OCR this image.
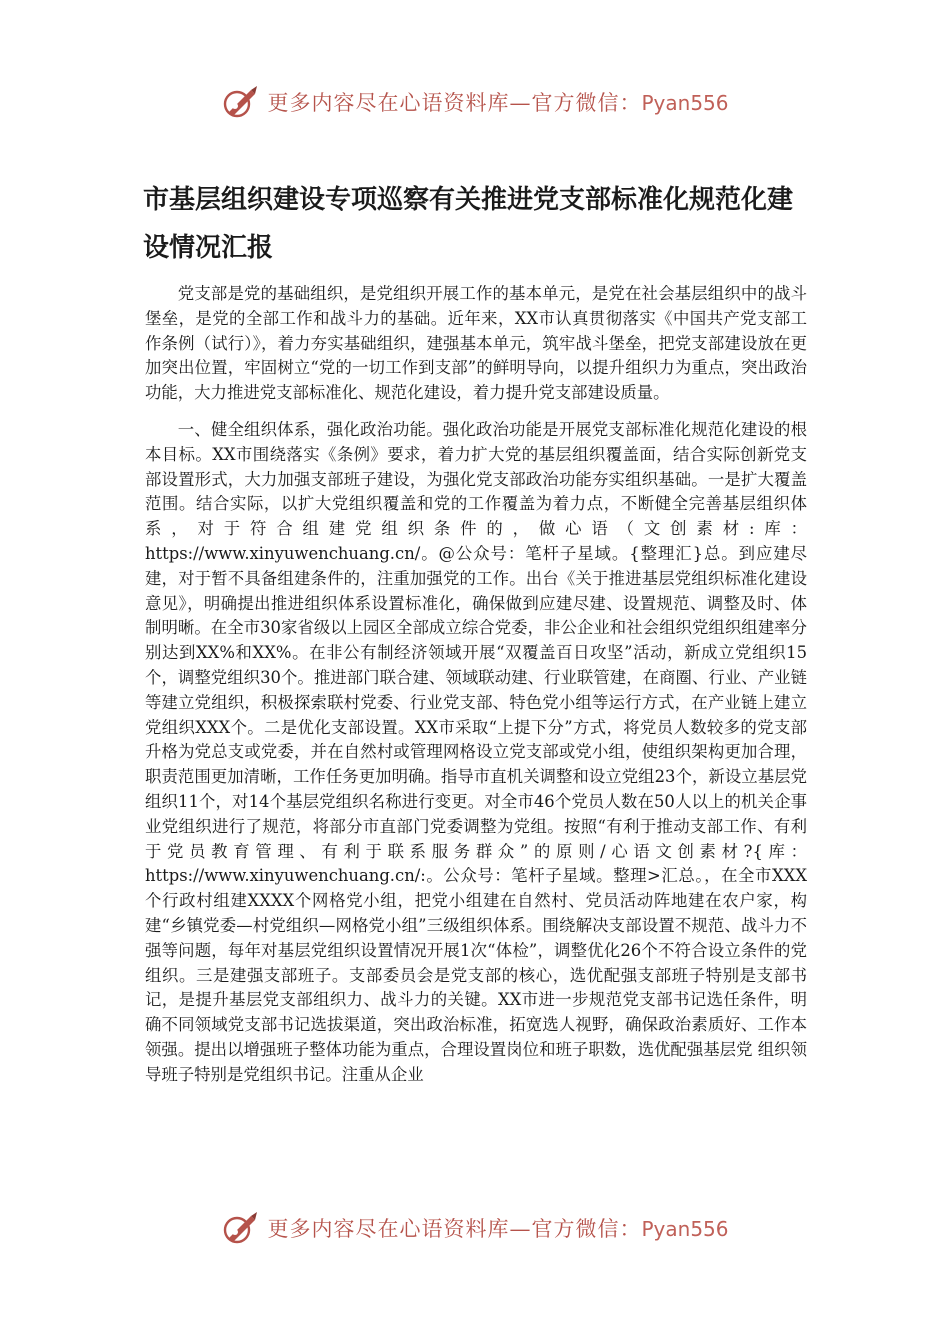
更多内容尽在心语资料库—官方微信：Pyan556
市基层组织建设专项巡察有关推进党支部标准化规范化建设情况汇报

党支部是党的基础组织，是党组织开展工作的基本单元，是党在社会基层组织中的战斗堡垒，是党的全部工作和战斗力的基础。近年来，XX市认真贯彻落实《中国共产党支部工作条例（试行）》，着力夯实基础组织，建强基本单元，筑牢战斗堡垒，把党支部建设放在更加突出位置，牢固树立“党的一切工作到支部”的鲜明导向，以提升组织力为重点，突出政治功能，大力推进党支部标准化、规范化建设，着力提升党支部建设质量。

一、健全组织体系，强化政治功能。强化政治功能是开展党支部标准化规范化建设的根本目标。XX市围绕落实《条例》要求，着力扩大党的基层组织覆盖面，结合实际创新党支部设置形式，大力加强支部班子建设，为强化党支部政治功能夯实组织基础。一是扩大覆盖范围。结合实际，以扩大党组织覆盖和党的工作覆盖为着力点，不断健全完善基层组织体系，对于符合组建党组织条件的，做心语（文创素材:库：https://www.xinyuwenchuang.cn/。@公众号：笔杆子星域。{整理汇}总。到应建尽建，对于暂不具备组建条件的，注重加强党的工作。出台《关于推进基层党组织标准化建设意见》，明确提出推进组织体系设置标准化，确保做到应建尽建、设置规范、调整及时、体制明晰。在全市30家省级以上园区全部成立综合党委，非公企业和社会组织党组织组建率分别达到XX%和XX%。在非公有制经济领域开展“双覆盖百日攻坚”活动，新成立党组织15个，调整党组织30个。推进部门联合建、领域联动建、行业联管建，在商圈、行业、产业链等建立党组织，积极探索联村党委、行业党支部、特色党小组等运行方式，在产业链上建立党组织XXX个。二是优化支部设置。XX市采取“上提下分”方式，将党员人数较多的党支部升格为党总支或党委，并在自然村或管理网格设立党支部或党小组，使组织架构更加合理，职责范围更加清晰，工作任务更加明确。指导市直机关调整和设立党组23个，新设立基层党组织11个，对14个基层党组织名称进行变更。对全市46个党员人数在50人以上的机关企事业党组织进行了规范，将部分市直部门党委调整为党组。按照“有利于推动支部工作、有利于党员教育管理、有利于联系服务群众”的原则/心语文创素材?{库：https://www.xinyuwenchuang.cn/:。公众号：笔杆子星域。整理>汇总。，在全市XXX个行政村组建XXXX个网格党小组，把党小组建在自然村、党员活动阵地建在农户家，构建“乡镇党委—村党组织—网格党小组”三级组织体系。围绕解决支部设置不规范、战斗力不强等问题，每年对基层党组织设置情况开展1次“体检”，调整优化26个不符合设立条件的党组织。三是建强支部班子。支部委员会是党支部的核心，选优配强支部班子特别是支部书记，是提升基层党支部组织力、战斗力的关键。XX市进一步规范党支部书记选任条件，明确不同领域党支部书记选拔渠道，突出政治标准，拓宽选人视野，确保政治素质好、工作本领强。提出以增强班子整体功能为重点，合理设置岗位和班子职数，选优配强基层党 组织领导班子特别是党组织书记。注重从企业

更多内容尽在心语资料库—官方微信：Pyan556
